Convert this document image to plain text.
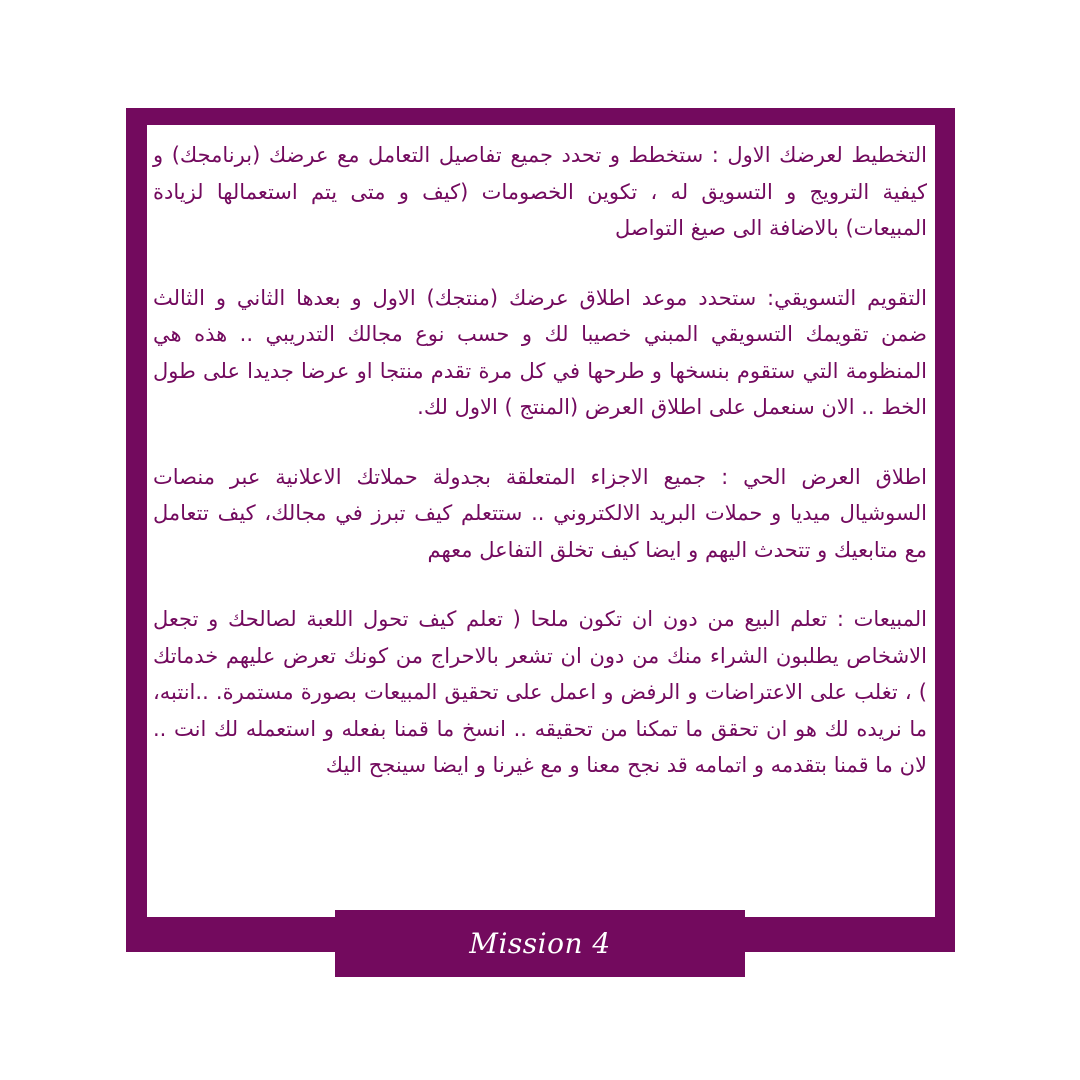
التخطيط لعرضك الاول : ستخطط و تحدد جميع تفاصيل التعامل مع عرضك (برنامجك) و كيفية الترويج و التسويق له ، تكوين الخصومات (كيف و متى يتم استعمالها لزيادة المبيعات) بالاضافة الى صيغ التواصل

التقويم التسويقي: ستحدد موعد اطلاق عرضك (منتجك) الاول و بعدها الثاني و الثالث ضمن تقويمك التسويقي المبني خصيبا لك و حسب نوع مجالك التدريبي .. هذه هي المنظومة التي ستقوم بنسخها و طرحها في كل مرة تقدم منتجا او عرضا جديدا على طول الخط .. الان سنعمل على اطلاق العرض (المنتج ) الاول لك.

اطلاق العرض الحي : جميع الاجزاء المتعلقة بجدولة حملاتك الاعلانية عبر منصات السوشيال ميديا و حملات البريد الالكتروني .. ستتعلم كيف تبرز في مجالك، كيف تتعامل مع متابعيك و تتحدث اليهم و ايضا كيف تخلق التفاعل معهم

المبيعات : تعلم البيع من دون ان تكون ملحا ( تعلم كيف تحول اللعبة لصالحك و تجعل الاشخاص يطلبون الشراء منك من دون ان تشعر بالاحراج من كونك تعرض عليهم خدماتك ) ، تغلب على الاعتراضات و الرفض و اعمل على تحقيق المبيعات بصورة مستمرة. ..انتبه، ما نريده لك هو ان تحقق ما تمكنا من تحقيقه .. انسخ ما قمنا بفعله و استعمله لك انت .. لان ما قمنا بتقدمه و اتمامه قد نجح معنا و مع غيرنا و ايضا سينجح اليك

Mission 4
